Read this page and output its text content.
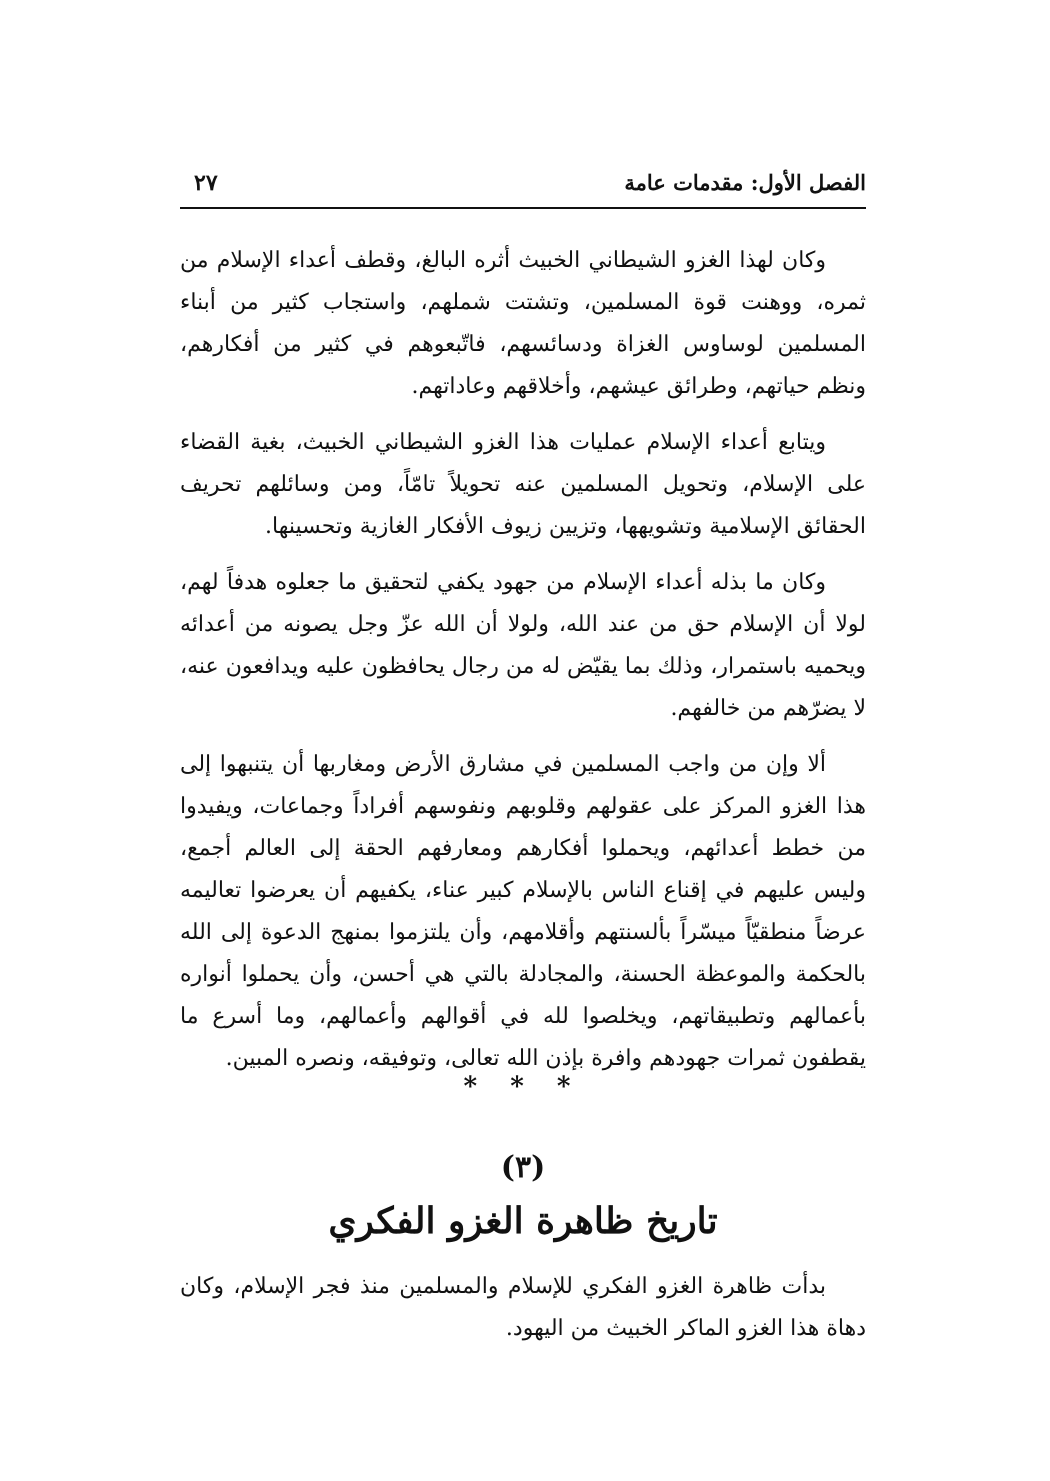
الفصل الأول: مقدمات عامة
٢٧

وكان لهذا الغزو الشيطاني الخبيث أثره البالغ، وقطف أعداء الإسلام من ثمره، ووهنت قوة المسلمين، وتشتت شملهم، واستجاب كثير من أبناء المسلمين لوساوس الغزاة ودسائسهم، فاتّبعوهم في كثير من أفكارهم، ونظم حياتهم، وطرائق عيشهم، وأخلاقهم وعاداتهم.

ويتابع أعداء الإسلام عمليات هذا الغزو الشيطاني الخبيث، بغية القضاء على الإسلام، وتحويل المسلمين عنه تحويلاً تامّاً، ومن وسائلهم تحريف الحقائق الإسلامية وتشويهها، وتزيين زيوف الأفكار الغازية وتحسينها.

وكان ما بذله أعداء الإسلام من جهود يكفي لتحقيق ما جعلوه هدفاً لهم، لولا أن الإسلام حق من عند الله، ولولا أن الله عزّ وجل يصونه من أعدائه ويحميه باستمرار، وذلك بما يقيّض له من رجال يحافظون عليه ويدافعون عنه، لا يضرّهم من خالفهم.

ألا وإن من واجب المسلمين في مشارق الأرض ومغاربها أن يتنبهوا إلى هذا الغزو المركز على عقولهم وقلوبهم ونفوسهم أفراداً وجماعات، ويفيدوا من خطط أعدائهم، ويحملوا أفكارهم ومعارفهم الحقة إلى العالم أجمع، وليس عليهم في إقناع الناس بالإسلام كبير عناء، يكفيهم أن يعرضوا تعاليمه عرضاً منطقيّاً ميسّراً بألسنتهم وأقلامهم، وأن يلتزموا بمنهج الدعوة إلى الله بالحكمة والموعظة الحسنة، والمجادلة بالتي هي أحسن، وأن يحملوا أنواره بأعمالهم وتطبيقاتهم، ويخلصوا لله في أقوالهم وأعمالهم، وما أسرع ما يقطفون ثمرات جهودهم وافرة بإذن الله تعالى، وتوفيقه، ونصره المبين.

* * *
(٣)
تاريخ ظاهرة الغزو الفكري

بدأت ظاهرة الغزو الفكري للإسلام والمسلمين منذ فجر الإسلام، وكان دهاة هذا الغزو الماكر الخبيث من اليهود.
